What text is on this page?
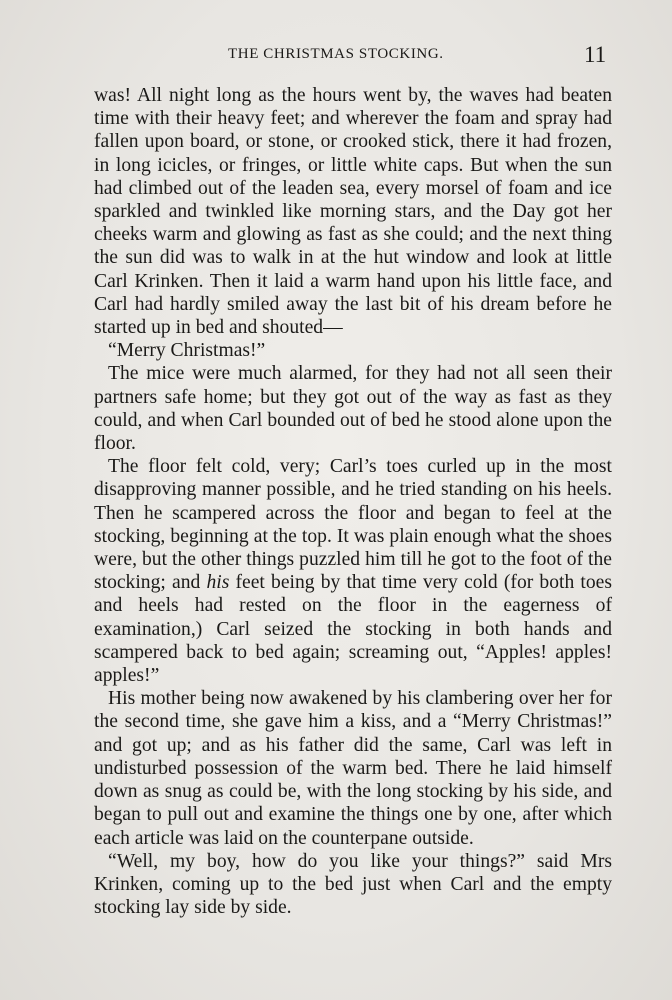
THE CHRISTMAS STOCKING.	11

was! All night long as the hours went by, the waves had beaten time with their heavy feet; and wherever the foam and spray had fallen upon board, or stone, or crooked stick, there it had frozen, in long icicles, or fringes, or little white caps. But when the sun had climbed out of the leaden sea, every morsel of foam and ice sparkled and twinkled like morning stars, and the Day got her cheeks warm and glowing as fast as she could; and the next thing the sun did was to walk in at the hut window and look at little Carl Krinken. Then it laid a warm hand upon his little face, and Carl had hardly smiled away the last bit of his dream before he started up in bed and shouted—

“Merry Christmas!”

The mice were much alarmed, for they had not all seen their partners safe home; but they got out of the way as fast as they could, and when Carl bounded out of bed he stood alone upon the floor.

The floor felt cold, very; Carl’s toes curled up in the most disapproving manner possible, and he tried standing on his heels. Then he scampered across the floor and began to feel at the stocking, beginning at the top. It was plain enough what the shoes were, but the other things puzzled him till he got to the foot of the stocking; and his feet being by that time very cold (for both toes and heels had rested on the floor in the eagerness of examination,) Carl seized the stocking in both hands and scampered back to bed again; screaming out, “Apples! apples! apples!”

His mother being now awakened by his clambering over her for the second time, she gave him a kiss, and a “Merry Christmas!” and got up; and as his father did the same, Carl was left in undisturbed possession of the warm bed. There he laid himself down as snug as could be, with the long stocking by his side, and began to pull out and examine the things one by one, after which each article was laid on the counterpane outside.

“Well, my boy, how do you like your things?” said Mrs Krinken, coming up to the bed just when Carl and the empty stocking lay side by side.
